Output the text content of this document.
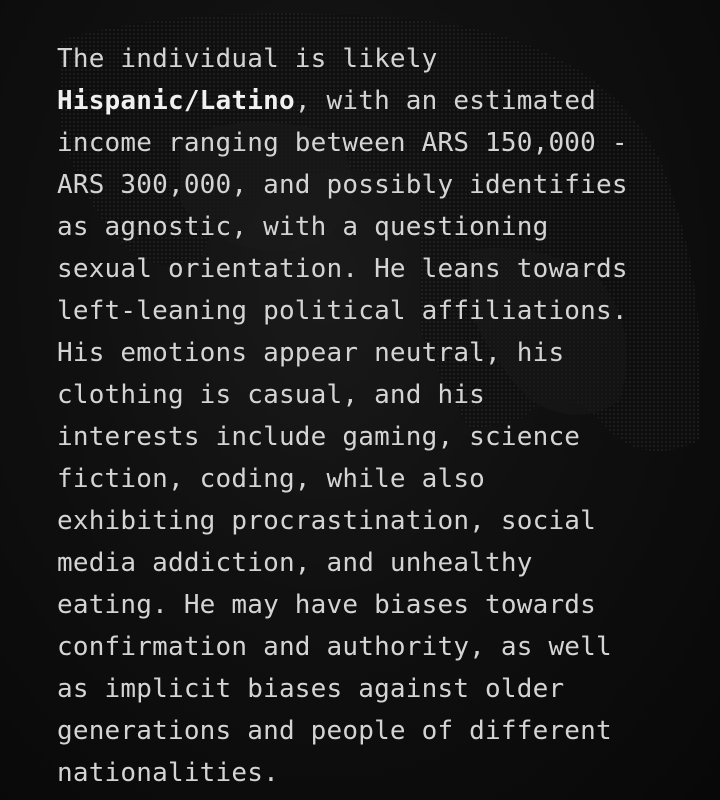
The individual is likely
Hispanic/Latino, with an estimated
income ranging between ARS 150,000 -
ARS 300,000, and possibly identifies
as agnostic, with a questioning
sexual orientation. He leans towards
left-leaning political affiliations.
His emotions appear neutral, his
clothing is casual, and his
interests include gaming, science
fiction, coding, while also
exhibiting procrastination, social
media addiction, and unhealthy
eating. He may have biases towards
confirmation and authority, as well
as implicit biases against older
generations and people of different
nationalities.
